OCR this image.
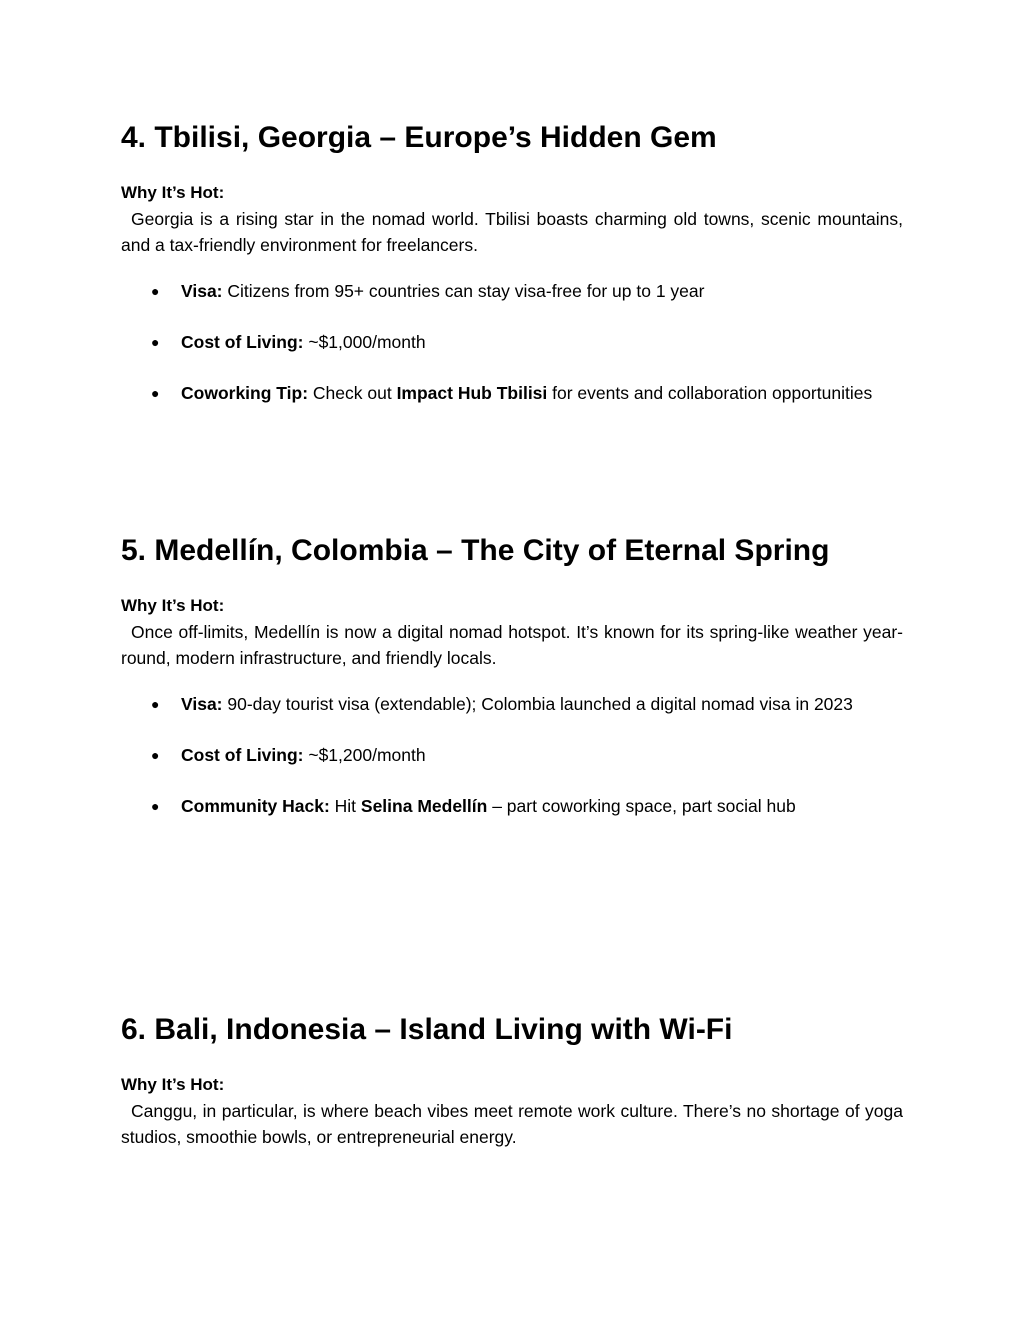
4. Tbilisi, Georgia – Europe’s Hidden Gem

Why It’s Hot:

Georgia is a rising star in the nomad world. Tbilisi boasts charming old towns, scenic mountains, and a tax-friendly environment for freelancers.

● Visa: Citizens from 95+ countries can stay visa-free for up to 1 year
● Cost of Living: ~$1,000/month
● Coworking Tip: Check out Impact Hub Tbilisi for events and collaboration opportunities
5. Medellín, Colombia – The City of Eternal Spring

Why It’s Hot:

Once off-limits, Medellín is now a digital nomad hotspot. It’s known for its spring-like weather year-round, modern infrastructure, and friendly locals.

● Visa: 90-day tourist visa (extendable); Colombia launched a digital nomad visa in 2023
● Cost of Living: ~$1,200/month
● Community Hack: Hit Selina Medellín – part coworking space, part social hub
6. Bali, Indonesia – Island Living with Wi-Fi

Why It’s Hot:

Canggu, in particular, is where beach vibes meet remote work culture. There’s no shortage of yoga studios, smoothie bowls, or entrepreneurial energy.
